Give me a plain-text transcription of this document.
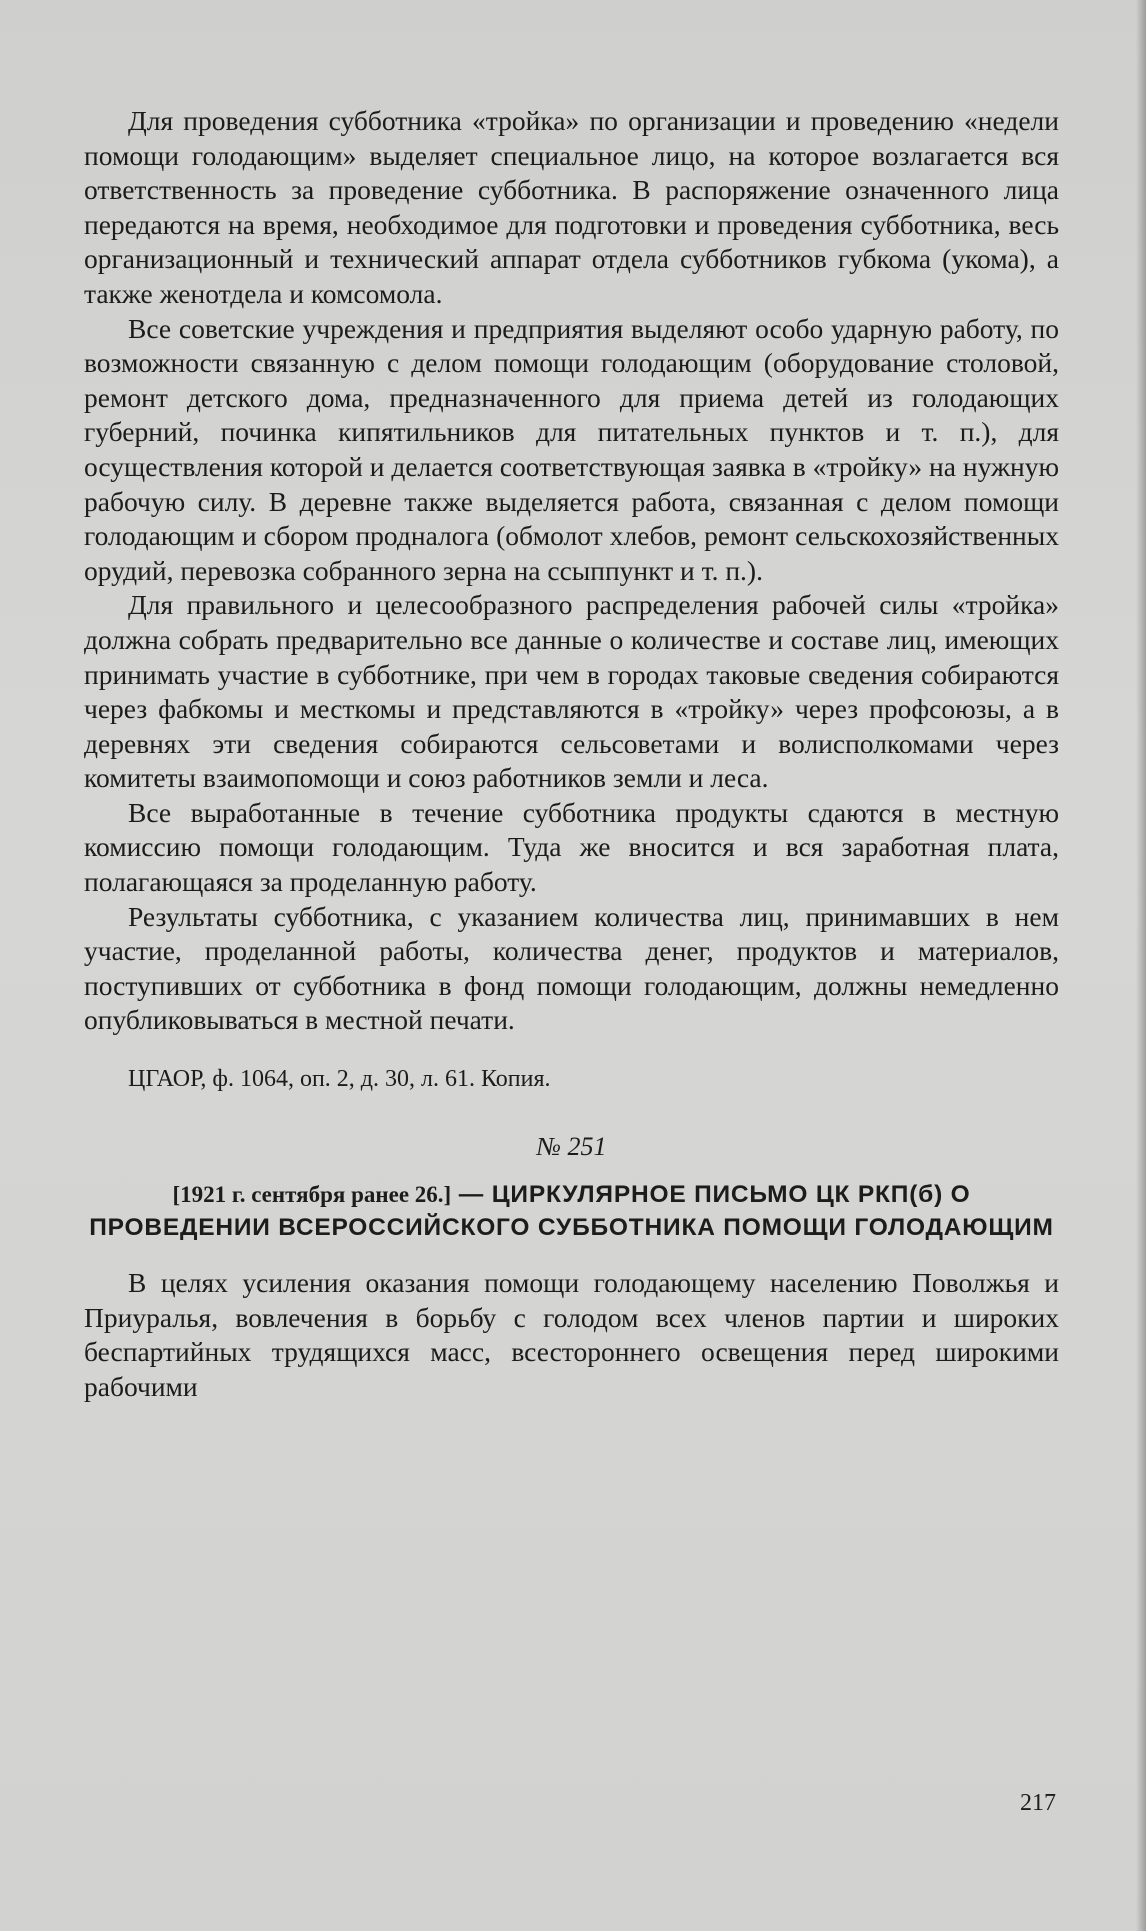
Для проведения субботника «тройка» по организации и проведению «недели помощи голодающим» выделяет специальное лицо, на которое возлагается вся ответственность за проведение субботника. В распоряжение означенного лица передаются на время, необходимое для подготовки и проведения субботника, весь организационный и технический аппарат отдела субботников губкома (укома), а также женотдела и комсомола.

Все советские учреждения и предприятия выделяют особо ударную работу, по возможности связанную с делом помощи голодающим (оборудование столовой, ремонт детского дома, предназначенного для приема детей из голодающих губерний, починка кипятильников для питательных пунктов и т. п.), для осуществления которой и делается соответствующая заявка в «тройку» на нужную рабочую силу. В деревне также выделяется работа, связанная с делом помощи голодающим и сбором продналога (обмолот хлебов, ремонт сельскохозяйственных орудий, перевозка собранного зерна на ссыппункт и т. п.).

Для правильного и целесообразного распределения рабочей силы «тройка» должна собрать предварительно все данные о количестве и составе лиц, имеющих принимать участие в субботнике, при чем в городах таковые сведения собираются через фабкомы и месткомы и представляются в «тройку» через профсоюзы, а в деревнях эти сведения собираются сельсоветами и волисполкомами через комитеты взаимопомощи и союз работников земли и леса.

Все выработанные в течение субботника продукты сдаются в местную комиссию помощи голодающим. Туда же вносится и вся заработная плата, полагающаяся за проделанную работу.

Результаты субботника, с указанием количества лиц, принимавших в нем участие, проделанной работы, количества денег, продуктов и материалов, поступивших от субботника в фонд помощи голодающим, должны немедленно опубликовываться в местной печати.

ЦГАОР, ф. 1064, оп. 2, д. 30, л. 61. Копия.

№ 251

[1921 г. сентября ранее 26.] — ЦИРКУЛЯРНОЕ ПИСЬМО ЦК РКП(б) О ПРОВЕДЕНИИ ВСЕРОССИЙСКОГО СУББОТНИКА ПОМОЩИ ГОЛОДАЮЩИМ

В целях усиления оказания помощи голодающему населению Поволжья и Приуралья, вовлечения в борьбу с голодом всех членов партии и широких беспартийных трудящихся масс, всестороннего освещения перед широкими рабочими

217
